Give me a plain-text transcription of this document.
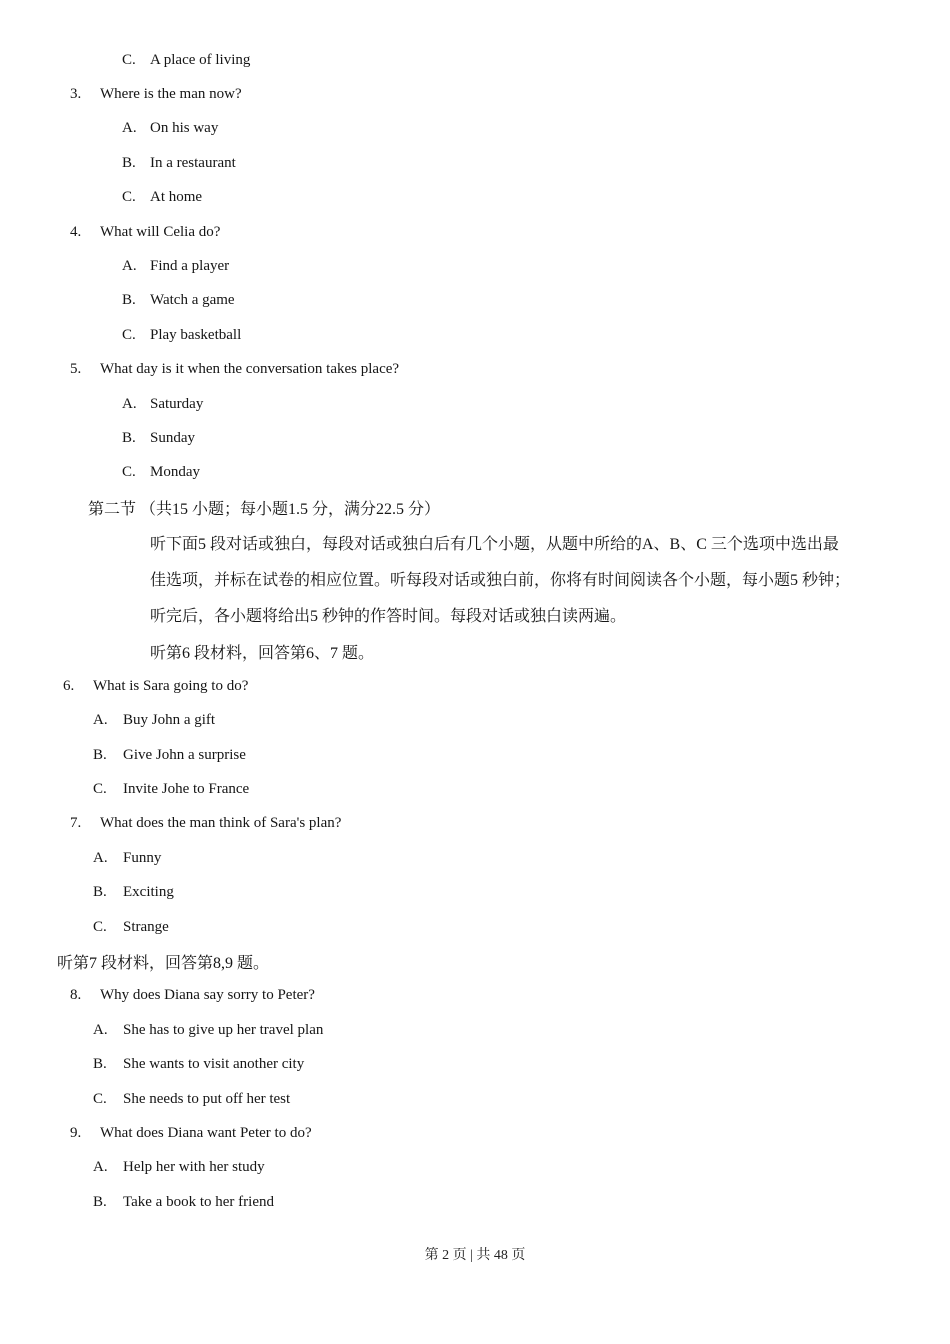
C. A place of living
3.	Where is the man now?
A. On his way
B. In a restaurant
C. At home
4.	What will Celia do?
A. Find a player
B. Watch a game
C. Play basketball
5.	What day is it when the conversation takes place?
A. Saturday
B. Sunday
C. Monday
第二节 （共15 小题；每小题1.5 分，满分22.5 分）
听下面5 段对话或独白，每段对话或独白后有几个小题，从题中所给的A、B、C 三个选项中选出最
佳选项，并标在试卷的相应位置。听每段对话或独白前，你将有时间阅读各个小题，每小题5 秒钟；
听完后，各小题将给出5 秒钟的作答时间。每段对话或独白读两遍。
听第6 段材料，回答第6、7 题。
6.	What is Sara going to do?
A.	Buy John a gift
B.	Give John a surprise
C.	Invite Johe to France
7.	What does the man think of Sara's plan?
A.	Funny
B.	Exciting
C.	Strange
听第7 段材料，回答第8,9 题。
8.	Why does Diana say sorry to Peter?
A.	She has to give up her travel plan
B.	She wants to visit another city
C.	She needs to put off her test
9.	What does Diana want Peter to do?
A.	Help her with her study
B.	Take a book to her friend
第 2 页 | 共 48 页
